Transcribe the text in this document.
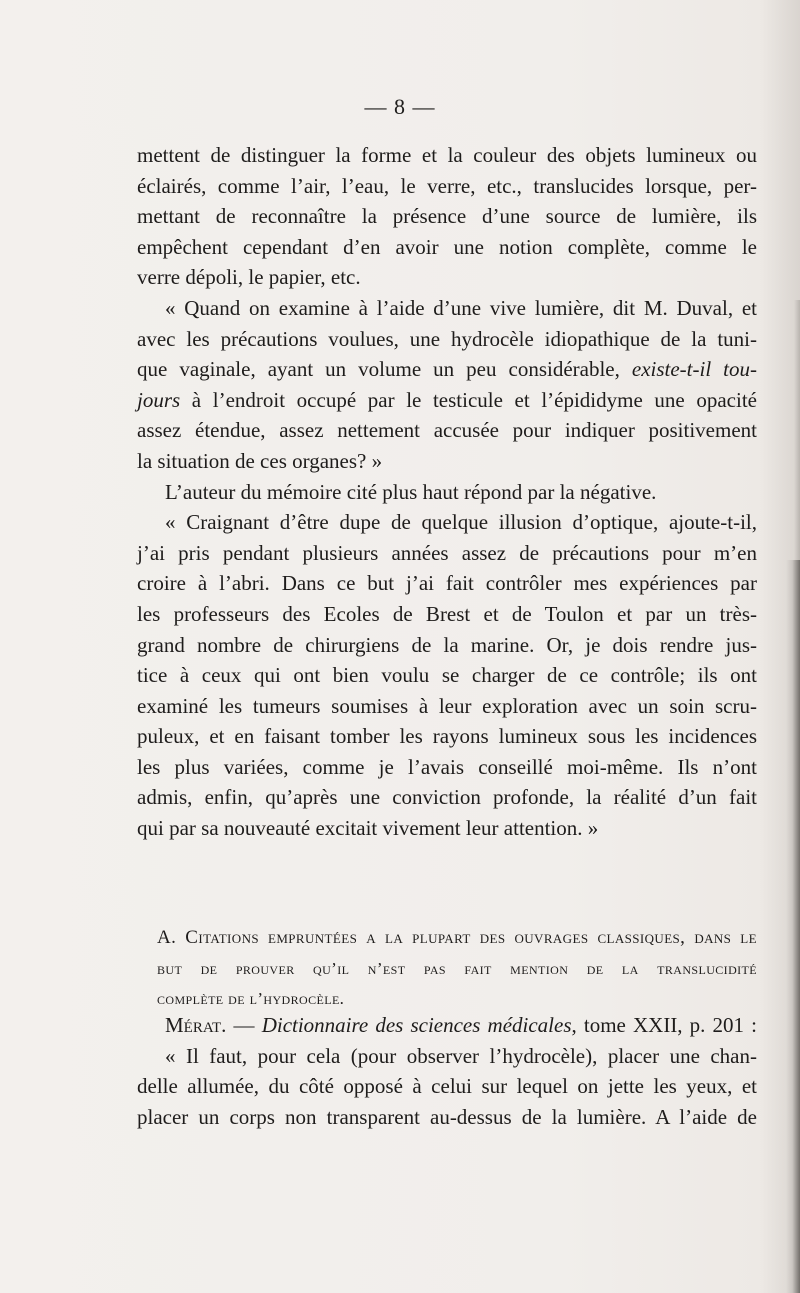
— 8 —
mettent de distinguer la forme et la couleur des objets lumineux ou
éclairés, comme l’air, l’eau, le verre, etc., translucides lorsque, per-
mettant de reconnaître la présence d’une source de lumière, ils
empêchent cependant d’en avoir une notion complète, comme le
verre dépoli, le papier, etc.
« Quand on examine à l’aide d’une vive lumière, dit M. Duval, et
avec les précautions voulues, une hydrocèle idiopathique de la tuni-
que vaginale, ayant un volume un peu considérable, existe-t-il tou-
jours à l’endroit occupé par le testicule et l’épididyme une opacité
assez étendue, assez nettement accusée pour indiquer positivement
la situation de ces organes? »
L’auteur du mémoire cité plus haut répond par la négative.
« Craignant d’être dupe de quelque illusion d’optique, ajoute-t-il,
j’ai pris pendant plusieurs années assez de précautions pour m’en
croire à l’abri. Dans ce but j’ai fait contrôler mes expériences par
les professeurs des Ecoles de Brest et de Toulon et par un très-
grand nombre de chirurgiens de la marine. Or, je dois rendre jus-
tice à ceux qui ont bien voulu se charger de ce contrôle; ils ont
examiné les tumeurs soumises à leur exploration avec un soin scru-
puleux, et en faisant tomber les rayons lumineux sous les incidences
les plus variées, comme je l’avais conseillé moi-même. Ils n’ont
admis, enfin, qu’après une conviction profonde, la réalité d’un fait
qui par sa nouveauté excitait vivement leur attention. »
A. Citations empruntées a la plupart des ouvrages classiques, dans le
but de prouver qu’il n’est pas fait mention de la translucidité
complète de l’hydrocèle.
Mérat. — Dictionnaire des sciences médicales, tome XXII, p. 201 :
« Il faut, pour cela (pour observer l’hydrocèle), placer une chan-
delle allumée, du côté opposé à celui sur lequel on jette les yeux, et
placer un corps non transparent au-dessus de la lumière. A l’aide de
